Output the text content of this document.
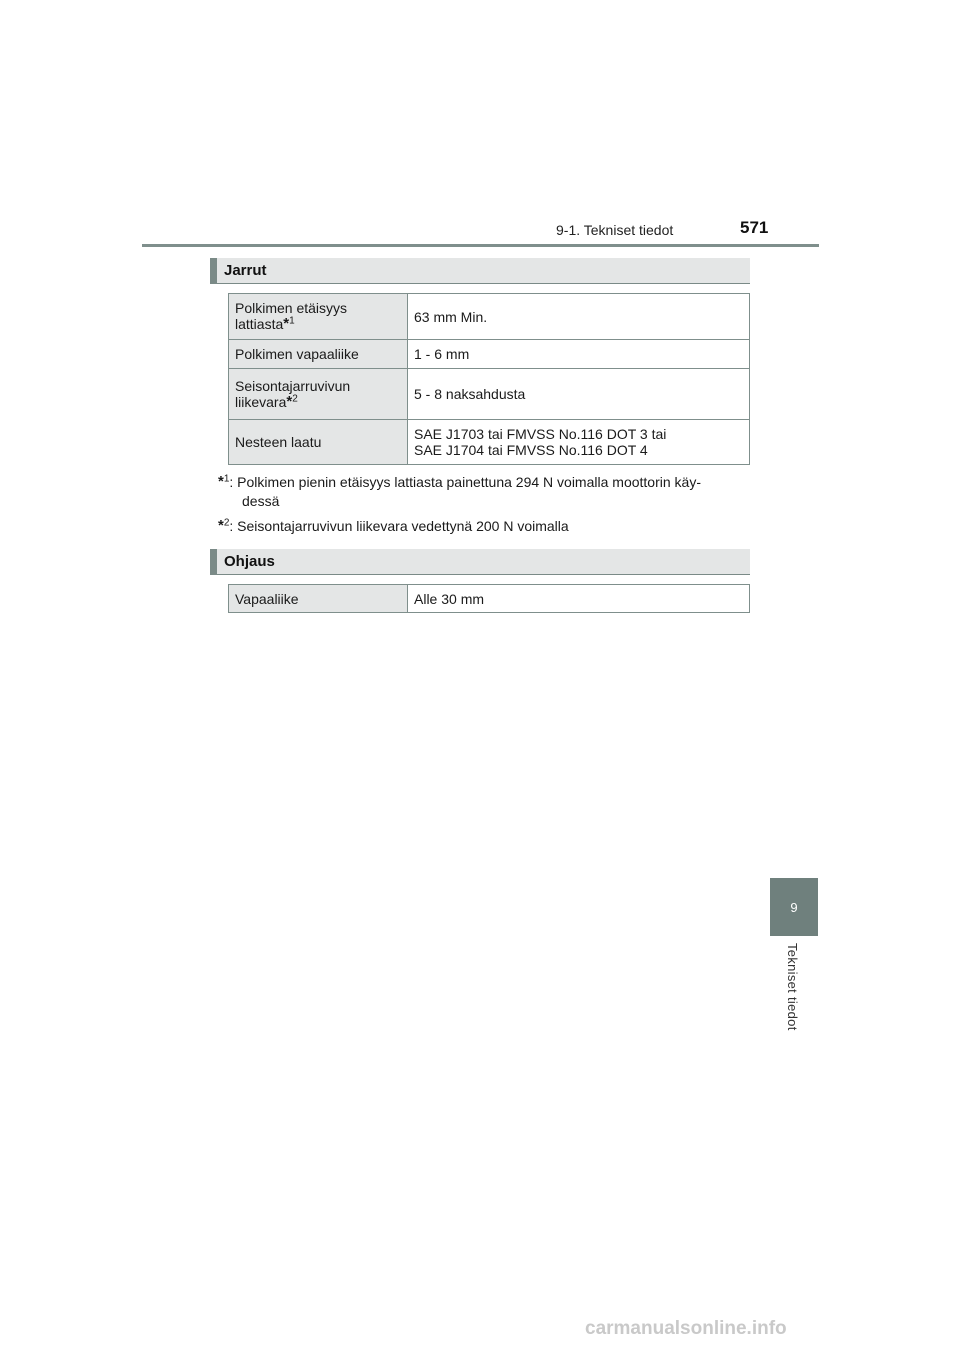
9-1. Tekniset tiedot	571
9
Tekniset tiedot
Jarrut
Polkimen etäisyys
lattiasta*$^1$	63 mm Min.
Polkimen vapaaliike	1 - 6 mm
Seisontajarruvivun
liikevara*$^2$	5 - 8 naksahdusta
Nesteen laatu	SAE J1703 tai FMVSS No.116 DOT 3 tai
SAE J1704 tai FMVSS No.116 DOT 4
*$^1$: Polkimen pienin etäisyys lattiasta painettuna 294 N voimalla moottorin käy-
dessä
*$^2$: Seisontajarruvivun liikevara vedettynä 200 N voimalla
Ohjaus
Vapaaliike	Alle 30 mm
carmanualsonline.info
